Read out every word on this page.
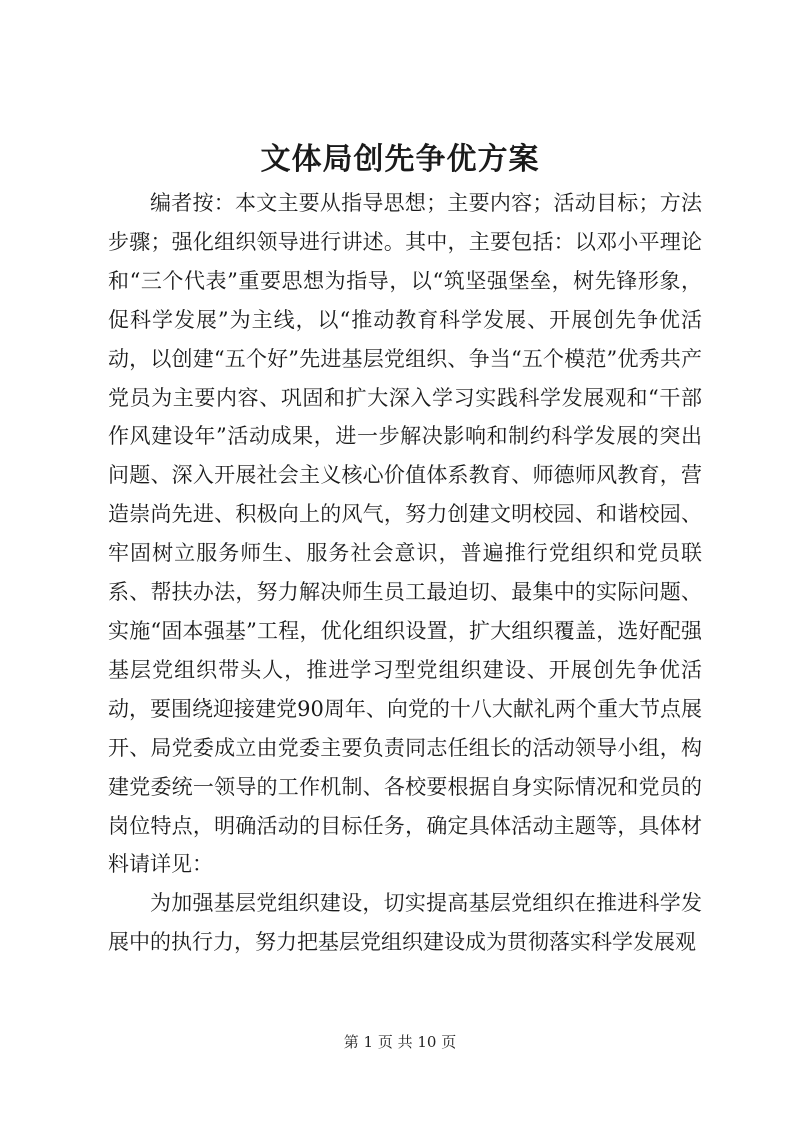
文体局创先争优方案

编者按：本文主要从指导思想；主要内容；活动目标；方法步骤；强化组织领导进行讲述。其中，主要包括：以邓小平理论和“三个代表”重要思想为指导，以“筑坚强堡垒，树先锋形象，促科学发展”为主线，以“推动教育科学发展、开展创先争优活动，以创建“五个好”先进基层党组织、争当“五个模范”优秀共产党员为主要内容、巩固和扩大深入学习实践科学发展观和“干部作风建设年”活动成果，进一步解决影响和制约科学发展的突出问题、深入开展社会主义核心价值体系教育、师德师风教育，营造崇尚先进、积极向上的风气，努力创建文明校园、和谐校园、牢固树立服务师生、服务社会意识，普遍推行党组织和党员联系、帮扶办法，努力解决师生员工最迫切、最集中的实际问题、实施“固本强基”工程，优化组织设置，扩大组织覆盖，选好配强基层党组织带头人，推进学习型党组织建设、开展创先争优活动，要围绕迎接建党90周年、向党的十八大献礼两个重大节点展开、局党委成立由党委主要负责同志任组长的活动领导小组，构建党委统一领导的工作机制、各校要根据自身实际情况和党员的岗位特点，明确活动的目标任务，确定具体活动主题等，具体材料请详见：

为加强基层党组织建设，切实提高基层党组织在推进科学发展中的执行力，努力把基层党组织建设成为贯彻落实科学发展观

第 1 页 共 10 页
